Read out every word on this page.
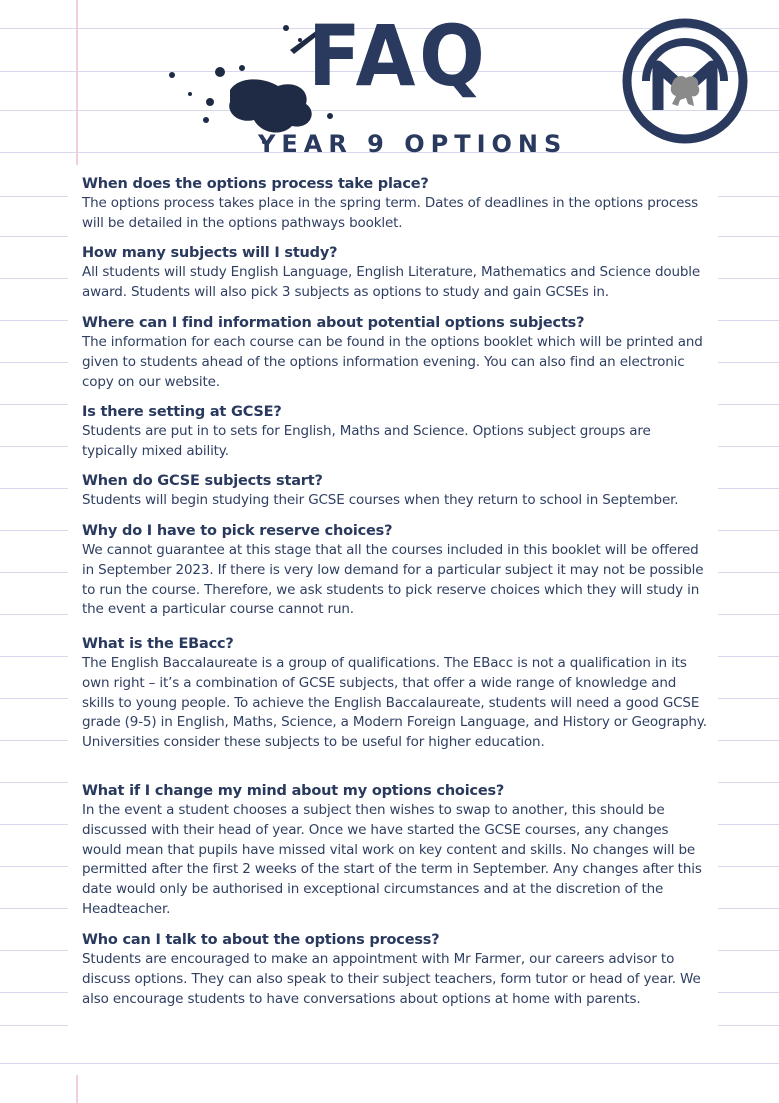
FAQ
YEAR 9 OPTIONS

When does the options process take place?

The options process takes place in the spring term. Dates of deadlines in the options process will be detailed in the options pathways booklet.

How many subjects will I study?

All students will study English Language, English Literature, Mathematics and Science double award. Students will also pick 3 subjects as options to study and gain GCSEs in.

Where can I find information about potential options subjects?

The information for each course can be found in the options booklet which will be printed and given to students ahead of the options information evening. You can also find an electronic copy on our website.

Is there setting at GCSE?

Students are put in to sets for English, Maths and Science. Options subject groups are typically mixed ability.

When do GCSE subjects start?

Students will begin studying their GCSE courses when they return to school in September.

Why do I have to pick reserve choices?

We cannot guarantee at this stage that all the courses included in this booklet will be offered in September 2023. If there is very low demand for a particular subject it may not be possible to run the course. Therefore, we ask students to pick reserve choices which they will study in the event a particular course cannot run.

What is the EBacc?

The English Baccalaureate is a group of qualifications. The EBacc is not a qualification in its own right – it’s a combination of GCSE subjects, that offer a wide range of knowledge and skills to young people. To achieve the English Baccalaureate, students will need a good GCSE grade (9-5) in English, Maths, Science, a Modern Foreign Language, and History or Geography. Universities consider these subjects to be useful for higher education.

What if I change my mind about my options choices?

In the event a student chooses a subject then wishes to swap to another, this should be discussed with their head of year. Once we have started the GCSE courses, any changes would mean that pupils have missed vital work on key content and skills. No changes will be permitted after the first 2 weeks of the start of the term in September. Any changes after this date would only be authorised in exceptional circumstances and at the discretion of the Headteacher.

Who can I talk to about the options process?

Students are encouraged to make an appointment with Mr Farmer, our careers advisor to discuss options. They can also speak to their subject teachers, form tutor or head of year. We also encourage students to have conversations about options at home with parents.
